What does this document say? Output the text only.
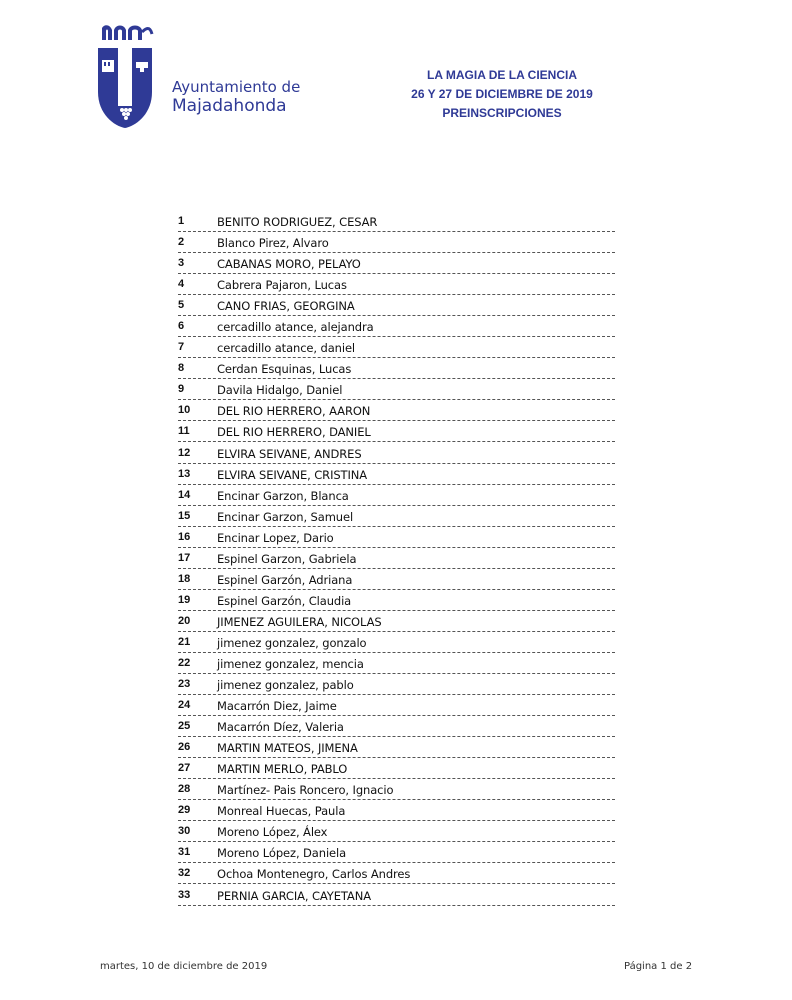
Ayuntamiento de
Majadahonda
LA MAGIA DE LA CIENCIA
26 Y 27 DE DICIEMBRE DE 2019
PREINSCRIPCIONES
1	BENITO RODRIGUEZ, CESAR
2	Blanco Pirez, Alvaro
3	CABANAS MORO, PELAYO
4	Cabrera Pajaron, Lucas
5	CANO FRIAS, GEORGINA
6	cercadillo atance, alejandra
7	cercadillo atance, daniel
8	Cerdan Esquinas, Lucas
9	Davila Hidalgo, Daniel
10	DEL RIO HERRERO, AARON
11	DEL RIO HERRERO, DANIEL
12	ELVIRA SEIVANE, ANDRES
13	ELVIRA SEIVANE, CRISTINA
14	Encinar Garzon, Blanca
15	Encinar Garzon, Samuel
16	Encinar Lopez, Dario
17	Espinel Garzon, Gabriela
18	Espinel Garzón, Adriana
19	Espinel Garzón, Claudia
20	JIMENEZ AGUILERA, NICOLAS
21	jimenez gonzalez, gonzalo
22	jimenez gonzalez, mencia
23	jimenez gonzalez, pablo
24	Macarrón Diez, Jaime
25	Macarrón Díez, Valeria
26	MARTIN MATEOS, JIMENA
27	MARTIN MERLO, PABLO
28	Martínez- Pais Roncero, Ignacio
29	Monreal Huecas, Paula
30	Moreno López, Álex
31	Moreno López, Daniela
32	Ochoa Montenegro, Carlos Andres
33	PERNIA GARCIA, CAYETANA
martes, 10 de diciembre de 2019	Página 1 de 2
